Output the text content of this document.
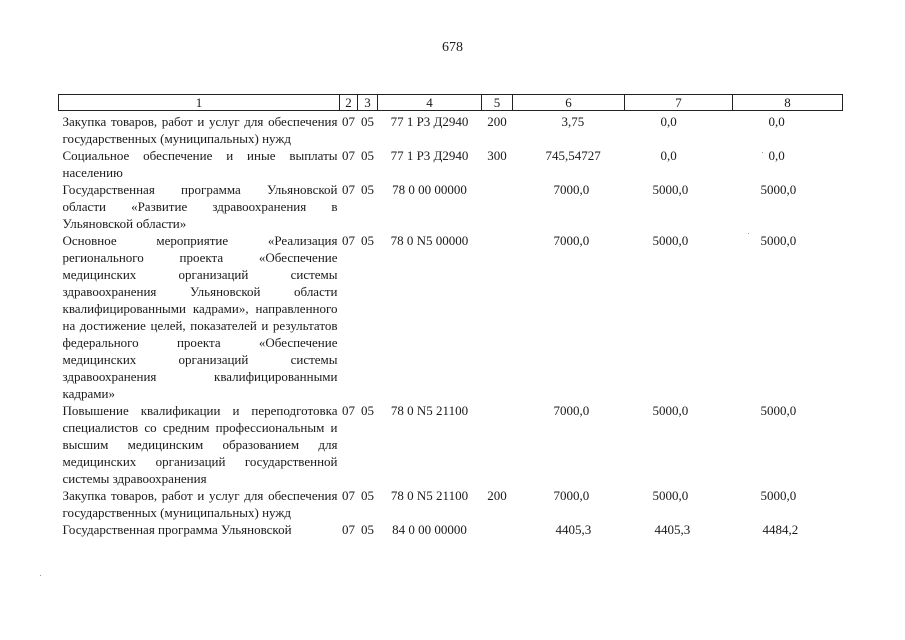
678
1	2	3	4	5	6	7	8
Закупка товаров, работ и услуг для обеспечения государственных (муниципальных) нужд	07	05	77 1 Р3 Д2940	200	3,75	0,0	0,0
Социальное обеспечение и иные выплаты населению	07	05	77 1 Р3 Д2940	300	745,54727	0,0	0,0
Государственная программа Ульяновской области «Развитие здравоохранения в Ульяновской области»	07	05	78 0 00 00000		7000,0	5000,0	5000,0
Основное мероприятие «Реализация регионального проекта «Обеспечение медицинских организаций системы здравоохранения Ульяновской области квалифицированными кадрами», направленного на достижение целей, показателей и результатов федерального проекта «Обеспечение медицинских организаций системы здравоохранения квалифицированными кадрами»	07	05	78 0 N5 00000		7000,0	5000,0	5000,0
Повышение квалификации и переподготовка специалистов со средним профессиональным и высшим медицинским образованием для медицинских организаций государственной системы здравоохранения	07	05	78 0 N5 21100		7000,0	5000,0	5000,0
Закупка товаров, работ и услуг для обеспечения государственных (муниципальных) нужд	07	05	78 0 N5 21100	200	7000,0	5000,0	5000,0
Государственная программа Ульяновской	07	05	84 0 00 00000		4405,3	4405,3	4484,2
